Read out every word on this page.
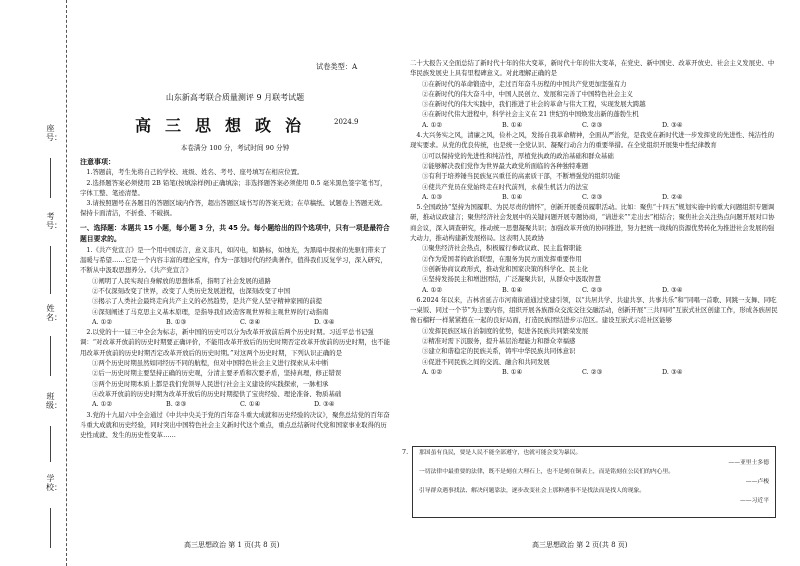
座号：
考号：
姓名：
班级：
学校：
试卷类型：A
山东新高考联合质量测评 9 月联考试题
高三思想政治	2024.9
本卷满分 100 分，考试时间 90 分钟

注意事项：

1.答题前，考生先将自己的学校、班级、姓名、考号、座号填写在相应位置。

2.选择题答案必须使用 2B 铅笔(按填涂样例)正确填涂；非选择题答案必须使用 0.5 毫米黑色签字笔书写，字体工整、笔迹清楚。

3.请按照题号在各题目的答题区域内作答，超出答题区域书写的答案无效；在草稿纸、试题卷上答题无效。保持卡面清洁，不折叠、不破损。

一、选择题：本题共 15 小题，每小题 3 分，共 45 分。每小题给出的四个选项中，只有一项是最符合题目要求的。

1.《共产党宣言》是一个用中国话言，意义非凡，如闪电，如路标，如烛光，为黑暗中探索的先驱们带来了温暖与希望……它是一个内容丰富的理论宝库，作为一部划时代的经典著作，值得我们反复学习，深入研究，不断从中汲取思想养分。《共产党宣言》

①阐明了人民实现自身解放的思想体系，指明了社会发展的道路

②不仅深刻改变了世界，改变了人类历史发展进程，也深刻改变了中国

③揭示了人类社会最终走向共产主义的必然趋势，是共产党人坚守精神家园的前提

④深刻阐述了马克思主义基本原理，是指导我们改造客观世界和主观世界的行动指南

A. ①②	B. ①③	C. ②④	D. ③④

2.以党的十一届三中全会为标志，新中国的历史可以分为改革开放前后两个历史时期。习近平总书记强调：“对改革开放前的历史时期要正确评价，不能用改革开放后的历史时期否定改革开放前的历史时期，也不能用改革开放前的历史时期否定改革开放后的历史时期。”对这两个历史时期，下列认识正确的是

①两个历史时期虽然如同经历不同的航程，但对中国特色社会主义进行探索从未中断

②后一历史时期主要坚持正确的历史观，分清主要矛盾和次要矛盾，坚持真理，修正错误

③两个历史时期本质上都是我们党领导人民进行社会主义建设的实践探索，一脉相承

④改革开放前的历史时期为改革开放后的历史时期提供了宝贵经验、理论准备、物质基础

A. ①②	B. ②③	C. ①④	D. ③④

3.党的十九届六中全会通过《中共中央关于党的百年奋斗重大成就和历史经验的决议》，聚焦总结党的百年奋斗重大成就和历史经验，同时突出中国特色社会主义新时代这个重点，重点总结新时代党和国家事业取得的历史性成就、发生的历史性变革……

二十大报告又全面总结了新时代十年的伟大变革，新时代十年的伟大变革，在党史、新中国史、改革开放史、社会主义发展史、中华民族发展史上具有里程碑意义。对此理解正确的是

①在新时代的革命锻造中，走过百年奋斗历程的中国共产党更加坚强有力

②在新时代的伟大奋斗中，中国人民创立、发展和完善了中国特色社会主义

③在新时代的伟大实践中，我们推进了社会的革命与伟大工程，实现发展大跨越

④在新时代伟大进程中，科学社会主义在 21 世纪的中国焕发出新的蓬勃生机

A. ①②	B. ①④	C. ②③	D. ③④

4.大兴务实之风，清廉之风，俭朴之风，发扬自我革命精神，全面从严治党，是我党在新时代进一步发挥党的先进性、纯洁性的现实要求。从党的优良传统，也是统一全党认识、凝聚行动合力的重要举措。在全党组织开展集中性纪律教育

①可以保持党的先进性和纯洁性，厚植党执政的政治基础和群众基础

②能够解决我们党作为世界最大政党所面临的各种独特难题

③有利于培养锤当民族复兴重任的高素质干部，不断增强党的组织功能

④使共产党员在党始终走在时代前列，永葆生机活力的法宝

A. ①③	B. ①④	C. ②③	D. ②④

5.全国政协“坚持为国履职、为民尽责的情怀”，创新开展委员履职活动。比如：聚焦“十四五”规划实施中的重大问题组织专题调研，推动议政建言；聚焦经济社会发展中的关键问题开展专题协商，“请进来”“走出去”相结合；聚焦社会关注热点问题开展对口协商会议，深入调查研究，推动统一思想凝聚共识；加强改革开放的协同推进，努力把统一战线的资源优势转化为推进社会发展的强大动力，推动构建新发展格局。这表明人民政协

①聚焦经济社会热点，积极履行参政议政、民主监督职能

②作为爱国者的政治联盟，在服务为民方面发挥重要作用

③创新协商议政形式，推动党和国家决策的科学化、民主化

④坚持发扬民主和增进团结，广泛凝聚共识，从群众中汲取智慧

A. ①②	B. ①④	C. ②③	D. ③④

6.2024 年以来，吉林省延吉市河南街道通过党建引领，以“共居共学、共建共享、共事共乐”和“同唱一首歌、同跳一支舞、同吃一桌饭、同过一个节”为主要内容，组织开展各族群众交流交往交融活动，创新开展“三共四同”互嵌式社区创建工作，形成各族居民像石榴籽一样紧紧抱在一起的良好局面，打造民族团结进步示范区。建设互嵌式示范社区能够

①发挥民族区域自治制度的优势，促进各民族共同繁荣发展

②精准对需下沉服务，提升基层治理能力和群众幸福感

③建立和谐稳定的民族关系，铸牢中华民族共同体意识

④促进不同民族之间的交流、融合和共同发展

A. ①②	B. ①④	C. ②③	D. ③④
7. 那国虽有良民，要是人民不能全部遵守，也就可能会变为暴民。
——亚里士多德
一切法律中最重要的法律，既不是刻在大理石上，也不是刻在铜表上，而是铭刻在公民们的内心里。
——卢梭
引导群众遇事找法、解决问题靠法，逐步改变社会上那种遇事不是找法而是找人的现象。
——习近平
高三思想政治 第 1 页(共 8 页)	高三思想政治 第 2 页(共 8 页)
